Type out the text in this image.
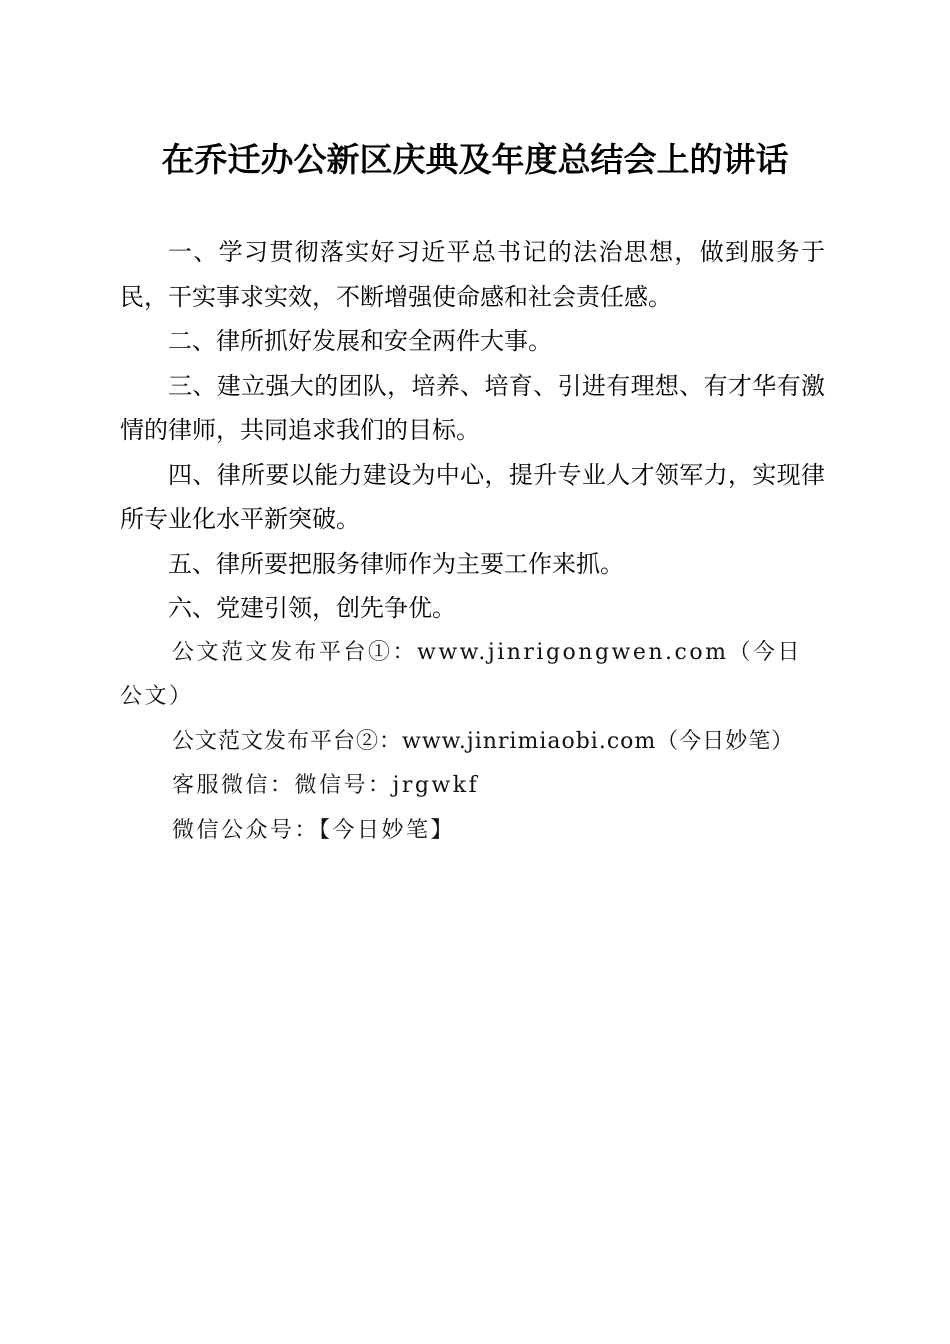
在乔迁办公新区庆典及年度总结会上的讲话

一、学习贯彻落实好习近平总书记的法治思想，做到服务于民，干实事求实效，不断增强使命感和社会责任感。

二、律所抓好发展和安全两件大事。

三、建立强大的团队，培养、培育、引进有理想、有才华有激情的律师，共同追求我们的目标。

四、律所要以能力建设为中心，提升专业人才领军力，实现律所专业化水平新突破。

五、律所要把服务律师作为主要工作来抓。

六、党建引领，创先争优。

公文范文发布平台①：www.jinrigongwen.com（今日公文）

公文范文发布平台②：www.jinrimiaobi.com（今日妙笔）

客服微信：微信号：jrgwkf

微信公众号：【今日妙笔】
